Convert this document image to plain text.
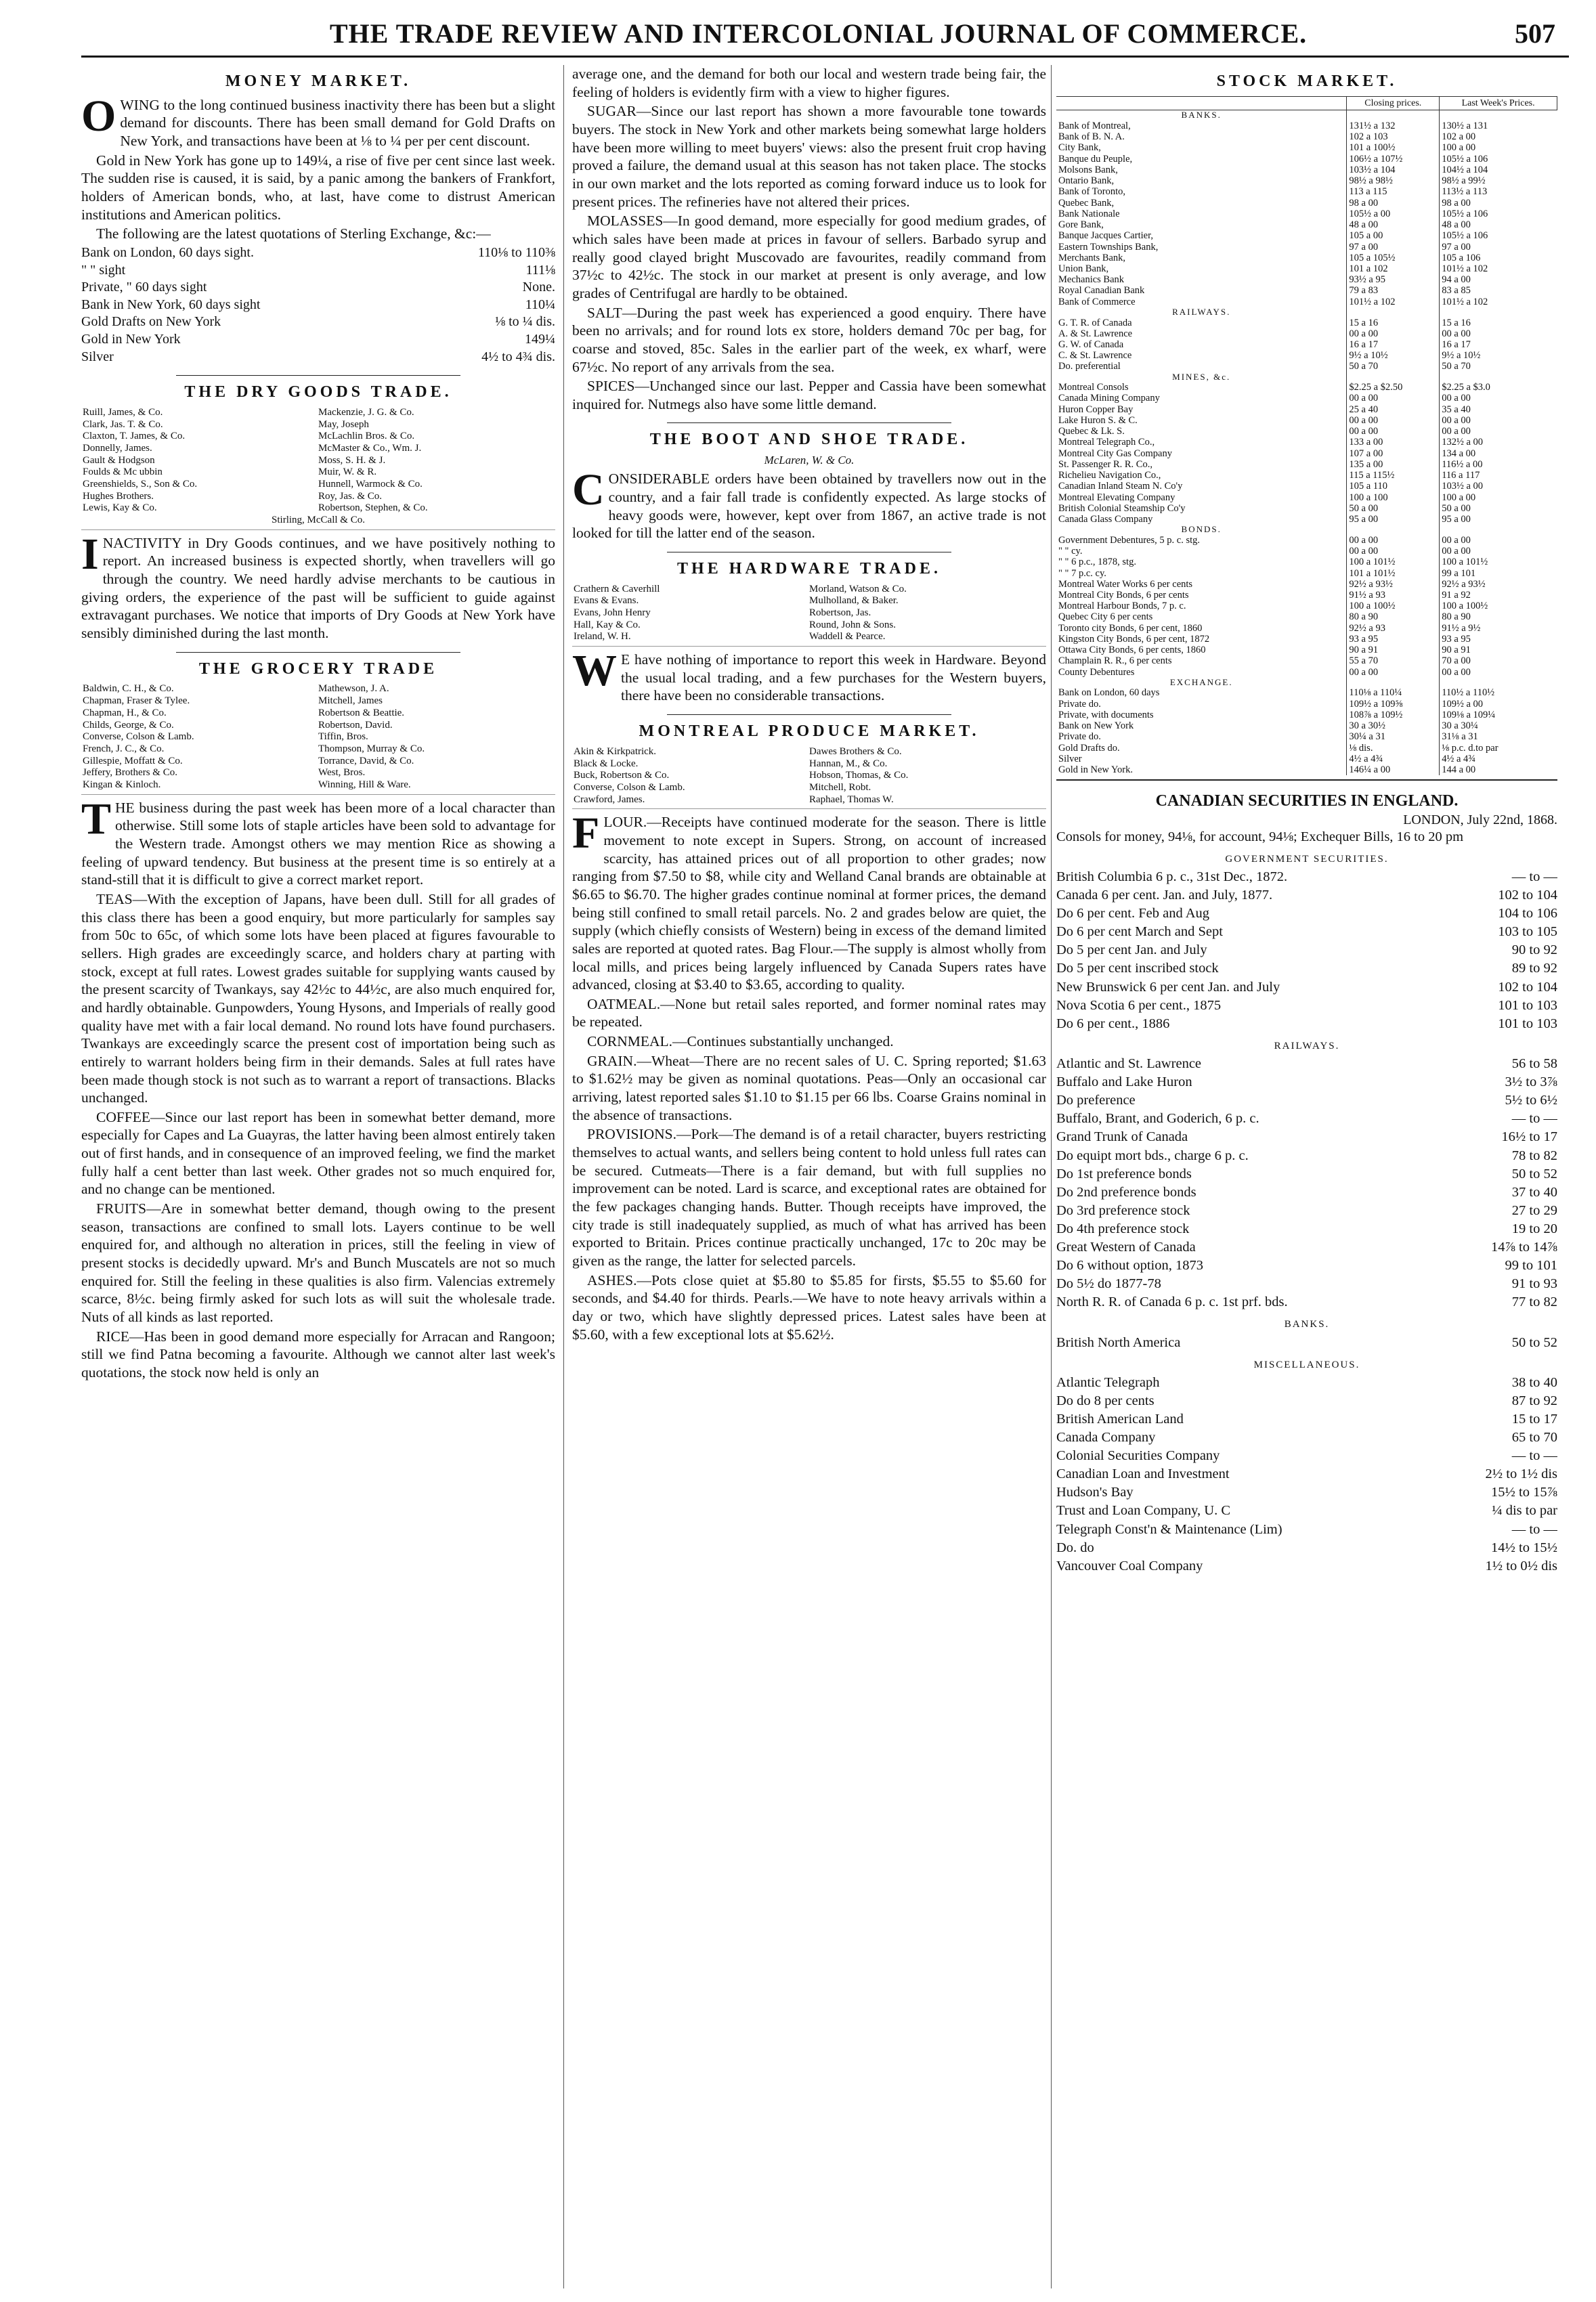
THE TRADE REVIEW AND INTERCOLONIAL JOURNAL OF COMMERCE.	507
MONEY MARKET.

OWING to the long continued business inactivity there has been but a slight demand for discounts. There has been small demand for Gold Drafts on New York, and transactions have been at ⅛ to ¼ per per cent discount.

Gold in New York has gone up to 149¼, a rise of five per cent since last week. The sudden rise is caused, it is said, by a panic among the bankers of Frankfort, holders of American bonds, who, at last, have come to distrust American institutions and American politics.

The following are the latest quotations of Sterling Exchange, &c:—

Bank on London, 60 days sight.	110⅛ to 110⅜
" " sight	111⅛
Private, " 60 days sight	None.
Bank in New York, 60 days sight	110¼
Gold Drafts on New York	⅛ to ¼ dis.
Gold in New York	149¼
Silver	4½ to 4¾ dis.
THE DRY GOODS TRADE.
Ruill, James, & Co.	Mackenzie, J. G. & Co.
Clark, Jas. T. & Co.	May, Joseph
Claxton, T. James, & Co.	McLachlin Bros. & Co.
Donnelly, James.	McMaster & Co., Wm. J.
Gault & Hodgson	Moss, S. H. & J.
Foulds & Mc ubbin	Muir, W. & R.
Greenshields, S., Son & Co.	Hunnell, Warmock & Co.
Hughes Brothers.	Roy, Jas. & Co.
Lewis, Kay & Co.	Robertson, Stephen, & Co.
Stirling, McCall & Co.

INACTIVITY in Dry Goods continues, and we have positively nothing to report. An increased business is expected shortly, when travellers will go through the country. We need hardly advise merchants to be cautious in giving orders, the experience of the past will be sufficient to guide against extravagant purchases. We notice that imports of Dry Goods at New York have sensibly diminished during the last month.

THE GROCERY TRADE
Baldwin, C. H., & Co.	Mathewson, J. A.
Chapman, Fraser & Tylee.	Mitchell, James
Chapman, H., & Co.	Robertson & Beattie.
Childs, George, & Co.	Robertson, David.
Converse, Colson & Lamb.	Tiffin, Bros.
French, J. C., & Co.	Thompson, Murray & Co.
Gillespie, Moffatt & Co.	Torrance, David, & Co.
Jeffery, Brothers & Co.	West, Bros.
Kingan & Kinloch.	Winning, Hill & Ware.

THE business during the past week has been more of a local character than otherwise. Still some lots of staple articles have been sold to advantage for the Western trade. Amongst others we may mention Rice as showing a feeling of upward tendency. But business at the present time is so entirely at a stand-still that it is difficult to give a correct market report.

TEAS—With the exception of Japans, have been dull. Still for all grades of this class there has been a good enquiry, but more particularly for samples say from 50c to 65c, of which some lots have been placed at figures favourable to sellers. High grades are exceedingly scarce, and holders chary at parting with stock, except at full rates. Lowest grades suitable for supplying wants caused by the present scarcity of Twankays, say 42½c to 44½c, are also much enquired for, and hardly obtainable. Gunpowders, Young Hysons, and Imperials of really good quality have met with a fair local demand. No round lots have found purchasers. Twankays are exceedingly scarce the present cost of importation being such as entirely to warrant holders being firm in their demands. Sales at full rates have been made though stock is not such as to warrant a report of transactions. Blacks unchanged.

COFFEE—Since our last report has been in somewhat better demand, more especially for Capes and La Guayras, the latter having been almost entirely taken out of first hands, and in consequence of an improved feeling, we find the market fully half a cent better than last week. Other grades not so much enquired for, and no change can be mentioned.

FRUITS—Are in somewhat better demand, though owing to the present season, transactions are confined to small lots. Layers continue to be well enquired for, and although no alteration in prices, still the feeling in view of present stocks is decidedly upward. Mr's and Bunch Muscatels are not so much enquired for. Still the feeling in these qualities is also firm. Valencias extremely scarce, 8½c. being firmly asked for such lots as will suit the wholesale trade. Nuts of all kinds as last reported.

RICE—Has been in good demand more especially for Arracan and Rangoon; still we find Patna becoming a favourite. Although we cannot alter last week's quotations, the stock now held is only an

average one, and the demand for both our local and western trade being fair, the feeling of holders is evidently firm with a view to higher figures.

SUGAR—Since our last report has shown a more favourable tone towards buyers. The stock in New York and other markets being somewhat large holders have been more willing to meet buyers' views: also the present fruit crop having proved a failure, the demand usual at this season has not taken place. The stocks in our own market and the lots reported as coming forward induce us to look for present prices. The refineries have not altered their prices.

MOLASSES—In good demand, more especially for good medium grades, of which sales have been made at prices in favour of sellers. Barbado syrup and really good clayed bright Muscovado are favourites, readily command from 37½c to 42½c. The stock in our market at present is only average, and low grades of Centrifugal are hardly to be obtained.

SALT—During the past week has experienced a good enquiry. There have been no arrivals; and for round lots ex store, holders demand 70c per bag, for coarse and stoved, 85c. Sales in the earlier part of the week, ex wharf, were 67½c. No report of any arrivals from the sea.

SPICES—Unchanged since our last. Pepper and Cassia have been somewhat inquired for. Nutmegs also have some little demand.

THE BOOT AND SHOE TRADE.
McLaren, W. & Co.

CONSIDERABLE orders have been obtained by travellers now out in the country, and a fair fall trade is confidently expected. As large stocks of heavy goods were, however, kept over from 1867, an active trade is not looked for till the latter end of the season.

THE HARDWARE TRADE.
Crathern & Caverhill	Morland, Watson & Co.
Evans & Evans.	Mulholland, & Baker.
Evans, John Henry	Robertson, Jas.
Hall, Kay & Co.	Round, John & Sons.
Ireland, W. H.	Waddell & Pearce.

W E have nothing of importance to report this week in Hardware. Beyond the usual local trading, and a few purchases for the Western buyers, there have been no considerable transactions.

MONTREAL PRODUCE MARKET.
Akin & Kirkpatrick.	Dawes Brothers & Co.
Black & Locke.	Hannan, M., & Co.
Buck, Robertson & Co.	Hobson, Thomas, & Co.
Converse, Colson & Lamb.	Mitchell, Robt.
Crawford, James.	Raphael, Thomas W.

FLOUR.—Receipts have continued moderate for the season. There is little movement to note except in Supers. Strong, on account of increased scarcity, has attained prices out of all proportion to other grades; now ranging from $7.50 to $8, while city and Welland Canal brands are obtainable at $6.65 to $6.70. The higher grades continue nominal at former prices, the demand being still confined to small retail parcels. No. 2 and grades below are quiet, the supply (which chiefly consists of Western) being in excess of the demand limited sales are reported at quoted rates. Bag Flour.—The supply is almost wholly from local mills, and prices being largely influenced by Canada Supers rates have advanced, closing at $3.40 to $3.65, according to quality.

OATMEAL.—None but retail sales reported, and former nominal rates may be repeated.

CORNMEAL.—Continues substantially unchanged.

GRAIN.—Wheat—There are no recent sales of U. C. Spring reported; $1.63 to $1.62½ may be given as nominal quotations. Peas—Only an occasional car arriving, latest reported sales $1.10 to $1.15 per 66 lbs. Coarse Grains nominal in the absence of transactions.

PROVISIONS.—Pork—The demand is of a retail character, buyers restricting themselves to actual wants, and sellers being content to hold unless full rates can be secured. Cutmeats—There is a fair demand, but with full supplies no improvement can be noted. Lard is scarce, and exceptional rates are obtained for the few packages changing hands. Butter. Though receipts have improved, the city trade is still inadequately supplied, as much of what has arrived has been exported to Britain. Prices continue practically unchanged, 17c to 20c may be given as the range, the latter for selected parcels.

ASHES.—Pots close quiet at $5.80 to $5.85 for firsts, $5.55 to $5.60 for seconds, and $4.40 for thirds. Pearls.—We have to note heavy arrivals within a day or two, which have slightly depressed prices. Latest sales have been at $5.60, with a few exceptional lots at $5.62½.

STOCK MARKET.
	Closing prices.	Last Week's Prices.
BANKS.		
Bank of Montreal,	131½ a 132	130½ a 131
Bank of B. N. A.	102 a 103	102 a 00
City Bank,	101 a 100½	100 a 00
Banque du Peuple,	106½ a 107½	105½ a 106
Molsons Bank,	103½ a 104	104½ a 104
Ontario Bank,	98½ a 98½	98½ a 99½
Bank of Toronto,	113 a 115	113½ a 113
Quebec Bank,	98 a 00	98 a 00
Bank Nationale	105½ a 00	105½ a 106
Gore Bank,	48 a 00	48 a 00
Banque Jacques Cartier,	105 a 00	105½ a 106
Eastern Townships Bank,	97 a 00	97 a 00
Merchants Bank,	105 a 105½	105 a 106
Union Bank,	101 a 102	101½ a 102
Mechanics Bank	93½ a 95	94 a 00
Royal Canadian Bank	79 a 83	83 a 85
Bank of Commerce	101½ a 102	101½ a 102
RAILWAYS.		
G. T. R. of Canada	15 a 16	15 a 16
A. & St. Lawrence	00 a 00	00 a 00
G. W. of Canada	16 a 17	16 a 17
C. & St. Lawrence	9½ a 10½	9½ a 10½
Do. preferential	50 a 70	50 a 70
MINES, &c.		
Montreal Consols	$2.25 a $2.50	$2.25 a $3.0
Canada Mining Company	00 a 00	00 a 00
Huron Copper Bay	25 a 40	35 a 40
Lake Huron S. & C.	00 a 00	00 a 00
Quebec & Lk. S.	00 a 00	00 a 00
Montreal Telegraph Co.,	133 a 00	132½ a 00
Montreal City Gas Company	107 a 00	134 a 00
St. Passenger R. R. Co.,	135 a 00	116½ a 00
Richelieu Navigation Co.,	115 a 115½	116 a 117
Canadian Inland Steam N. Co'y	105 a 110	103½ a 00
Montreal Elevating Company	100 a 100	100 a 00
British Colonial Steamship Co'y	50 a 00	50 a 00
Canada Glass Company	95 a 00	95 a 00
BONDS.		
Government Debentures, 5 p. c. stg.	00 a 00	00 a 00
" " cy.	00 a 00	00 a 00
" " 6 p.c., 1878, stg.	100 a 101½	100 a 101½
" " 7 p.c. cy.	101 a 101½	99 a 101
Montreal Water Works 6 per cents	92½ a 93½	92½ a 93½
Montreal City Bonds, 6 per cents	91½ a 93	91 a 92
Montreal Harbour Bonds, 7 p. c.	100 a 100½	100 a 100½
Quebec City 6 per cents	80 a 90	80 a 90
Toronto city Bonds, 6 per cent, 1860	92½ a 93	91½ a 9½
Kingston City Bonds, 6 per cent, 1872	93 a 95	93 a 95
Ottawa City Bonds, 6 per cents, 1860	90 a 91	90 a 91
Champlain R. R., 6 per cents	55 a 70	70 a 00
County Debentures	00 a 00	00 a 00
EXCHANGE.		
Bank on London, 60 days	110⅛ a 110¼	110½ a 110½
Private do.	109½ a 109⅝	109½ a 00
Private, with documents	108⅞ a 109½	109⅛ a 109¼
Bank on New York	30 a 30½	30 a 30¼
Private do.	30¼ a 31	31⅛ a 31
Gold Drafts do.	⅛ dis.	⅛ p.c. d.to par
Silver	4½ a 4¾	4½ a 4¾
Gold in New York.	146¼ a 00	144 a 00
CANADIAN SECURITIES IN ENGLAND.
LONDON, July 22nd, 1868.
Consols for money, 94⅛, for account, 94⅛; Exchequer Bills, 16 to 20 pm
GOVERNMENT SECURITIES.
British Columbia 6 p. c., 31st Dec., 1872.	— to —
Canada 6 per cent. Jan. and July, 1877.	102 to 104
Do 6 per cent. Feb and Aug	104 to 106
Do 6 per cent March and Sept	103 to 105
Do 5 per cent Jan. and July	90 to 92
Do 5 per cent inscribed stock	89 to 92
New Brunswick 6 per cent Jan. and July	102 to 104
Nova Scotia 6 per cent., 1875	101 to 103
Do 6 per cent., 1886	101 to 103
RAILWAYS.
Atlantic and St. Lawrence	56 to 58
Buffalo and Lake Huron	3½ to 3⅞
Do preference	5½ to 6½
Buffalo, Brant, and Goderich, 6 p. c.	— to —
Grand Trunk of Canada	16½ to 17
Do equipt mort bds., charge 6 p. c.	78 to 82
Do 1st preference bonds	50 to 52
Do 2nd preference bonds	37 to 40
Do 3rd preference stock	27 to 29
Do 4th preference stock	19 to 20
Great Western of Canada	14⅞ to 14⅞
Do 6 without option, 1873	99 to 101
Do 5½ do 1877-78	91 to 93
North R. R. of Canada 6 p. c. 1st prf. bds.	77 to 82
BANKS.
British North America	50 to 52
MISCELLANEOUS.
Atlantic Telegraph	38 to 40
Do do 8 per cents	87 to 92
British American Land	15 to 17
Canada Company	65 to 70
Colonial Securities Company	— to —
Canadian Loan and Investment	2½ to 1½ dis
Hudson's Bay	15½ to 15⅞
Trust and Loan Company, U. C	¼ dis to par
Telegraph Const'n & Maintenance (Lim)	— to —
Do. do	14½ to 15½
Vancouver Coal Company	1½ to 0½ dis
